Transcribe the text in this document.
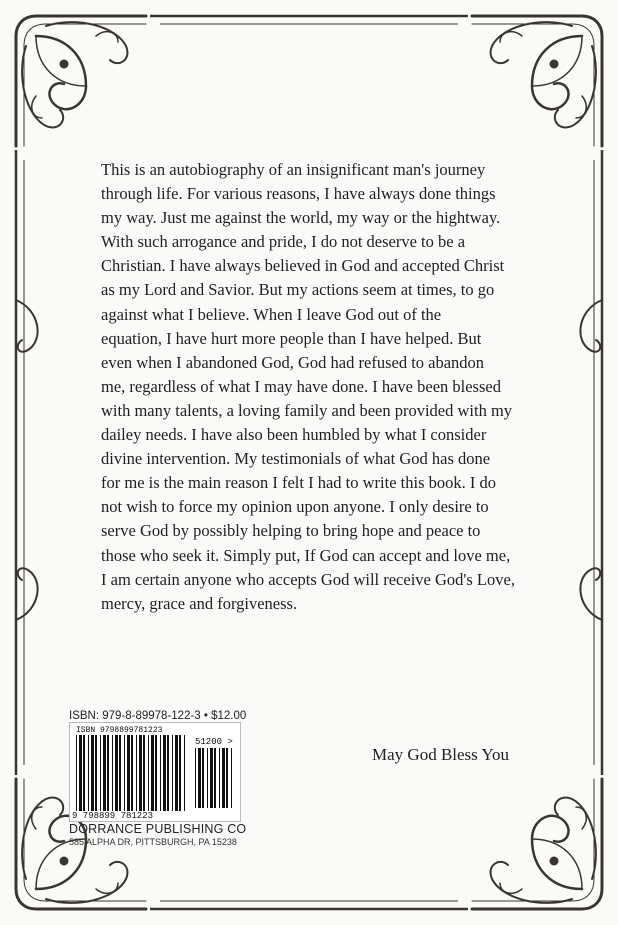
This is an autobiography of an insignificant man's journey
through life. For various reasons, I have always done things
my way. Just me against the world, my way or the hightway.
With such arrogance and pride, I do not deserve to be a
Christian. I have always believed in God and accepted Christ
as my Lord and Savior. But my actions seem at times, to go
against what I believe. When I leave God out of the
equation, I have hurt more people than I have helped. But
even when I abandoned God, God had refused to abandon
me, regardless of what I may have done. I have been blessed
with many talents, a loving family and been provided with my
dailey needs. I have also been humbled by what I consider
divine intervention. My testimonials of what God has done
for me is the main reason I felt I had to write this book. I do
not wish to force my opinion upon anyone. I only desire to
serve God by possibly helping to bring hope and peace to
those who seek it. Simply put, If God can accept and love me,
I am certain anyone who accepts God will receive God's Love,
mercy, grace and forgiveness.

May God Bless You
ISBN: 979-8-89978-122-3 • $12.00
ISBN 9798899781223
51200 >
9 798899 781223
DORRANCE PUBLISHING CO
585 ALPHA DR, PITTSBURGH, PA 15238
